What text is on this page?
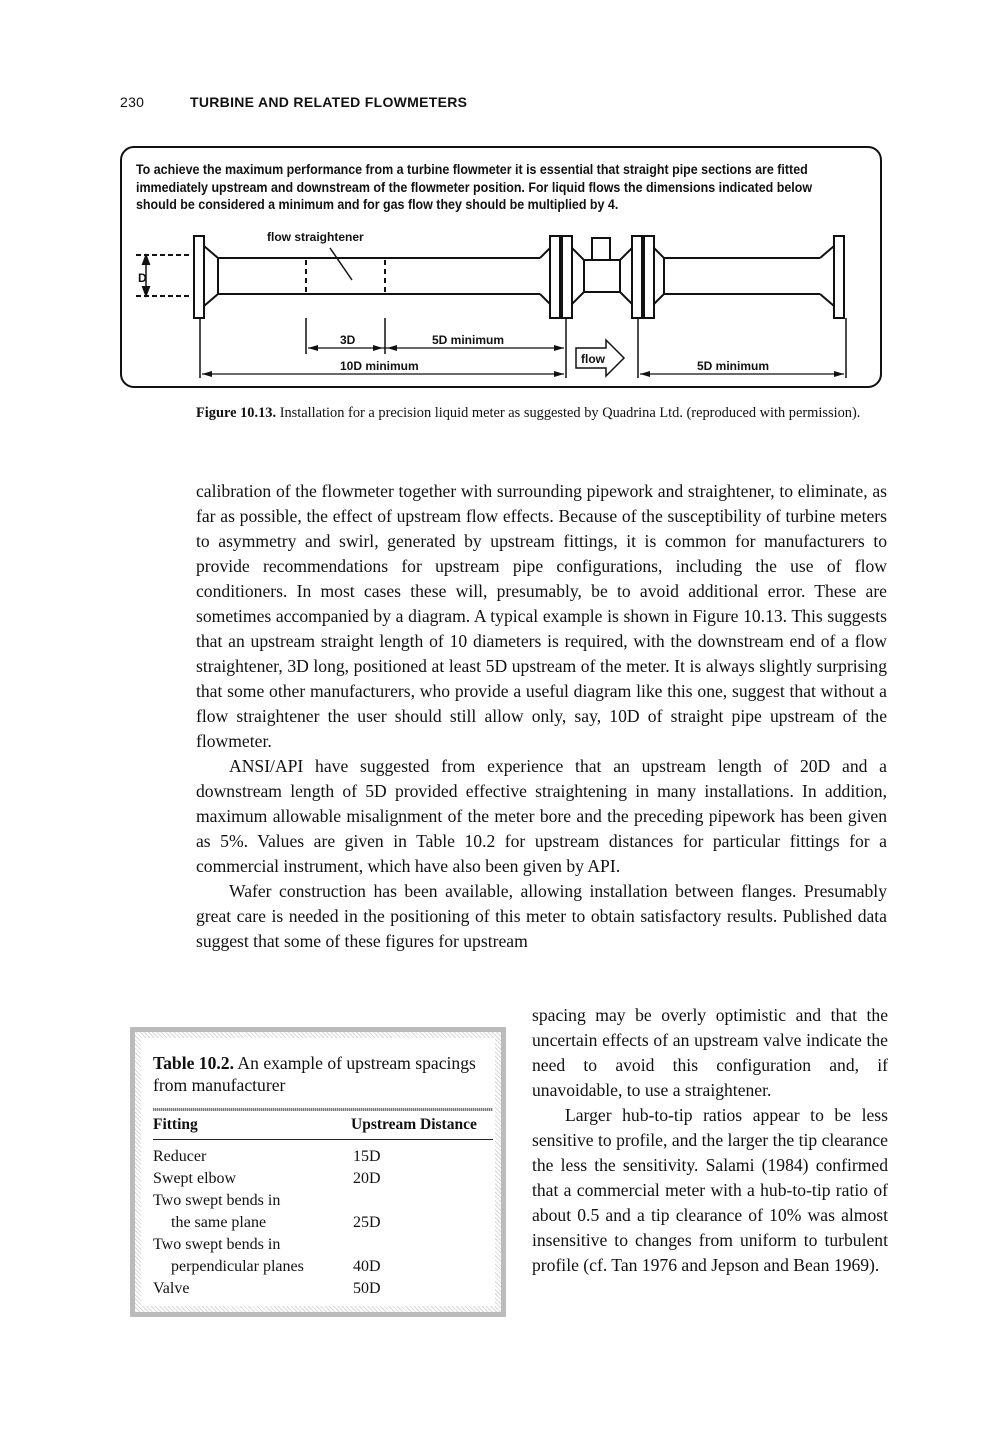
230	TURBINE AND RELATED FLOWMETERS
To achieve the maximum performance from a turbine flowmeter it is essential that straight pipe sections are fitted immediately upstream and downstream of the flowmeter position. For liquid flows the dimensions indicated below should be considered a minimum and for gas flow they should be multiplied by 4.
flow straightener
D
3D	5D minimum
10D minimum	flow	5D minimum
Figure 10.13. Installation for a precision liquid meter as suggested by Quadrina Ltd. (reproduced with permission).

calibration of the flowmeter together with surrounding pipework and straightener, to eliminate, as far as possible, the effect of upstream flow effects. Because of the susceptibility of turbine meters to asymmetry and swirl, generated by upstream fittings, it is common for manufacturers to provide recommendations for upstream pipe configurations, including the use of flow conditioners. In most cases these will, presumably, be to avoid additional error. These are sometimes accompanied by a diagram. A typical example is shown in Figure 10.13. This suggests that an upstream straight length of 10 diameters is required, with the downstream end of a flow straightener, 3D long, positioned at least 5D upstream of the meter. It is always slightly surprising that some other manufacturers, who provide a useful diagram like this one, suggest that without a flow straightener the user should still allow only, say, 10D of straight pipe upstream of the flowmeter.

ANSI/API have suggested from experience that an upstream length of 20D and a downstream length of 5D provided effective straightening in many installations. In addition, maximum allowable misalignment of the meter bore and the preceding pipework has been given as 5%. Values are given in Table 10.2 for upstream distances for particular fittings for a commercial instrument, which have also been given by API.

Wafer construction has been available, allowing installation between flanges. Presumably great care is needed in the positioning of this meter to obtain satisfactory results. Published data suggest that some of these figures for upstream

spacing may be overly optimistic and that the uncertain effects of an upstream valve indicate the need to avoid this configuration and, if unavoidable, to use a straightener.

Larger hub-to-tip ratios appear to be less sensitive to profile, and the larger the tip clearance the less the sensitivity. Salami (1984) confirmed that a commercial meter with a hub-to-tip ratio of about 0.5 and a tip clearance of 10% was almost insensitive to changes from uniform to turbulent profile (cf. Tan 1976 and Jepson and Bean 1969).

Table 10.2. An example of upstream spacings from manufacturer
Fitting	Upstream Distance
Reducer	15D
Swept elbow	20D
Two swept bends in
the same plane	25D
Two swept bends in
perpendicular planes	40D
Valve	50D
